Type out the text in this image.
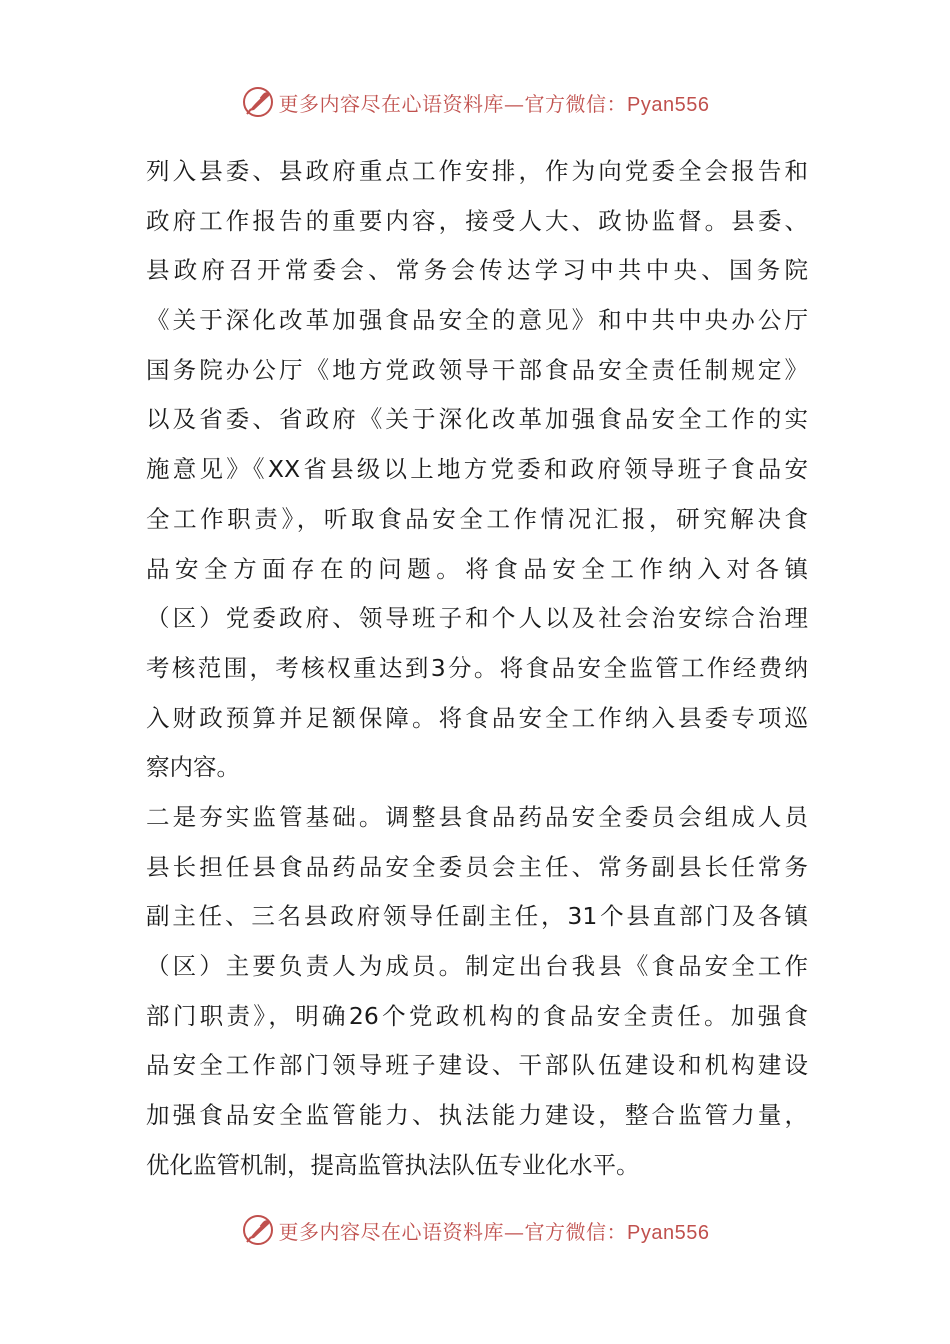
更多内容尽在心语资料库—官方微信：Pyan556
列入县委、县政府重点工作安排，作为向党委全会报告和
政府工作报告的重要内容，接受人大、政协监督。县委、
县政府召开常委会、常务会传达学习中共中央、国务院
《关于深化改革加强食品安全的意见》和中共中央办公厅
国务院办公厅《地方党政领导干部食品安全责任制规定》
以及省委、省政府《关于深化改革加强食品安全工作的实
施意见》《XX省县级以上地方党委和政府领导班子食品安
全工作职责》，听取食品安全工作情况汇报，研究解决食
品安全方面存在的问题。将食品安全工作纳入对各镇
（区）党委政府、领导班子和个人以及社会治安综合治理
考核范围，考核权重达到3分。将食品安全监管工作经费纳
入财政预算并足额保障。将食品安全工作纳入县委专项巡
察内容。
二是夯实监管基础。调整县食品药品安全委员会组成人员
县长担任县食品药品安全委员会主任、常务副县长任常务
副主任、三名县政府领导任副主任，31个县直部门及各镇
（区）主要负责人为成员。制定出台我县《食品安全工作
部门职责》，明确26个党政机构的食品安全责任。加强食
品安全工作部门领导班子建设、干部队伍建设和机构建设
加强食品安全监管能力、执法能力建设，整合监管力量，
优化监管机制，提高监管执法队伍专业化水平。
更多内容尽在心语资料库—官方微信：Pyan556
